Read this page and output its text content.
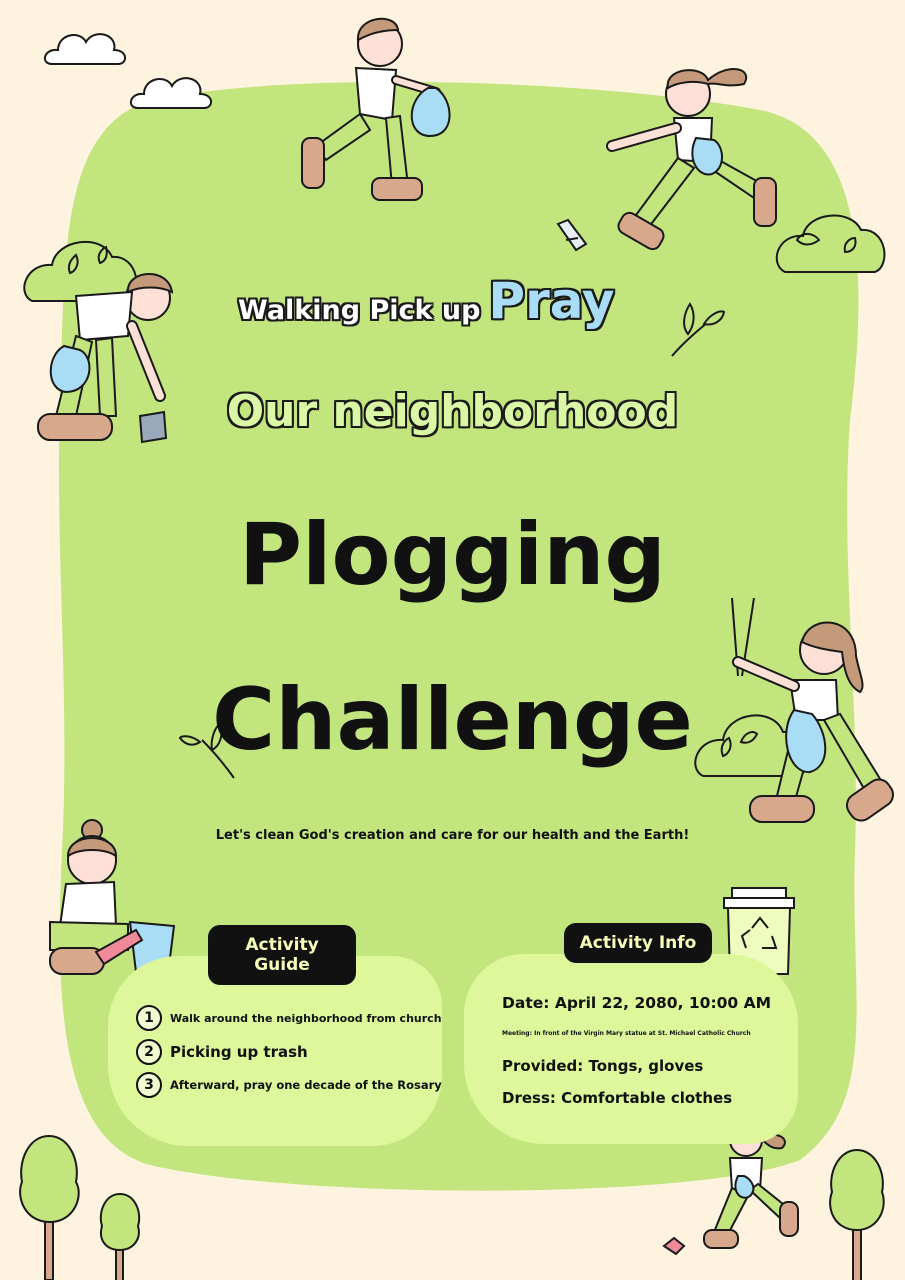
Walking Pick up Pray
Our neighborhood
Plogging
Challenge
Let's clean God's creation and care for our health and the Earth!
Activity Guide
Activity Info
1	Walk around the neighborhood from church
2	Picking up trash
3	Afterward, pray one decade of the Rosary
Date: April 22, 2080, 10:00 AM
Meeting: In front of the Virgin Mary statue at St. Michael Catholic Church
Provided: Tongs, gloves
Dress: Comfortable clothes
